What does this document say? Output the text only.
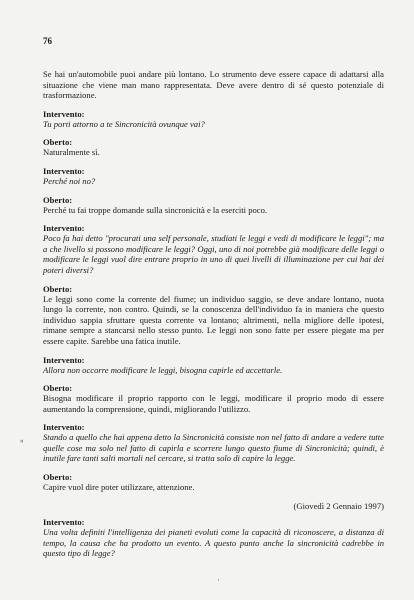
76
Se hai un'automobile puoi andare più lontano. Lo strumento deve essere capace di adattarsi alla situazione che viene man mano rappresentata. Deve avere dentro di sé questo potenziale di trasformazione.
Intervento:
Tu porti attorno a te Sincronicità ovunque vai?
Oberto:
Naturalmente sì.
Intervento:
Perché noi no?
Oberto:
Perché tu fai troppe domande sulla sincronicità e la eserciti poco.
Intervento:
Poco fa hai detto "procurati una self personale, studiati le leggi e vedi di modificare le leggi"; ma a che livello si possono modificare le leggi? Oggi, uno di noi potrebbe già modificare delle leggi o modificare le leggi vuol dire entrare proprio in uno di quei livelli di illuminazione per cui hai dei poteri diversi?
Oberto:
Le leggi sono come la corrente del fiume; un individuo saggio, se deve andare lontano, nuota lungo la corrente, non contro. Quindi, se la conoscenza dell'individuo fa in maniera che questo individuo sappia sfruttare questa corrente va lontano; altrimenti, nella migliore delle ipotesi, rimane sempre a stancarsi nello stesso punto. Le leggi non sono fatte per essere piegate ma per essere capite. Sarebbe una fatica inutile.
Intervento:
Allora non occorre modificare le leggi, bisogna capirle ed accettarle.
Oberto:
Bisogna modificare il proprio rapporto con le leggi, modificare il proprio modo di essere aumentando la comprensione, quindi, migliorando l'utilizzo.
Intervento:
Stando a quello che hai appena detto la Sincronicità consiste non nel fatto di andare a vedere tutte quelle cose ma solo nel fatto di capirla e scorrere lungo questo fiume di Sincronicità; quindi, è inutile fare tanti salti mortali nel cercare, si tratta solo di capire la legge.
Oberto:
Capire vuol dire poter utilizzare, attenzione.
(Giovedì 2 Gennaio 1997)
Intervento:
Una volta definiti l'intelligenza dei pianeti evoluti come la capacità di riconoscere, a distanza di tempo, la causa che ha prodotto un evento. A questo punto anche la sincronicità cadrebbe in questo tipo di legge?
«
'
